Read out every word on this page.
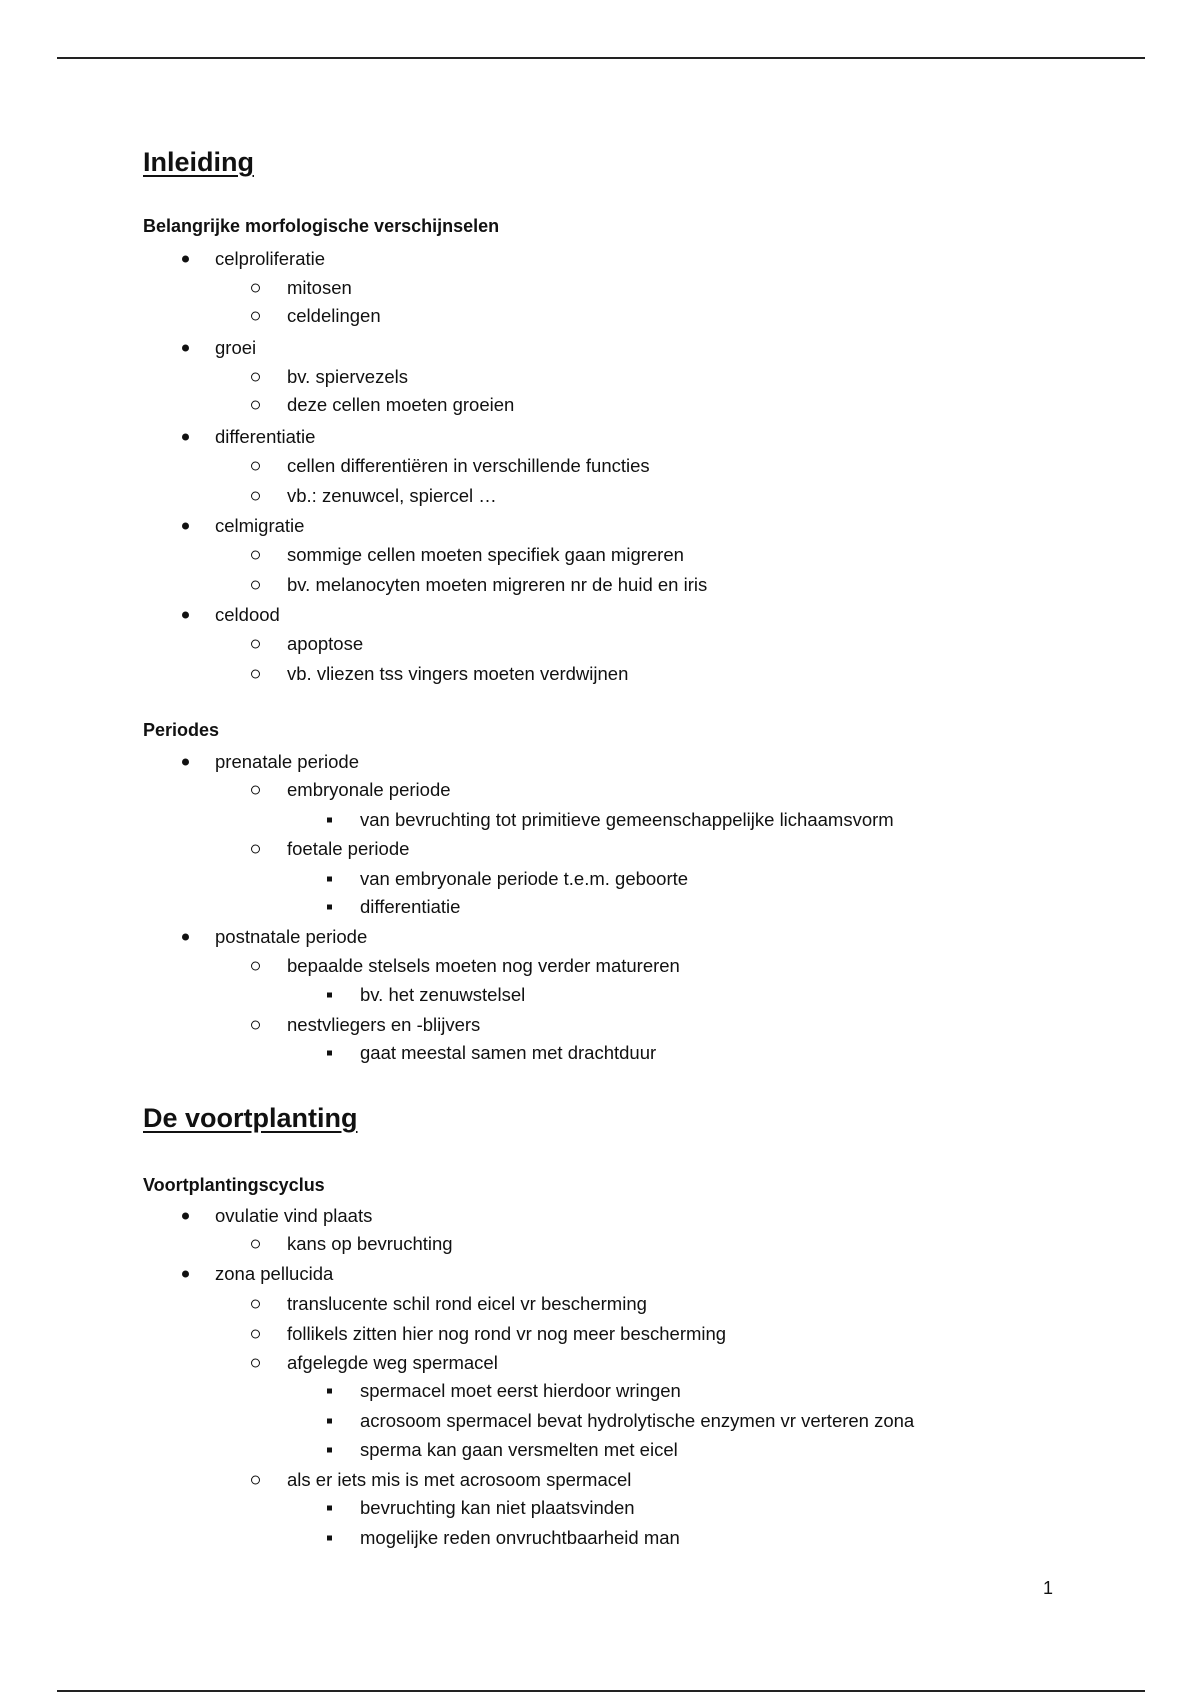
Inleiding
Belangrijke morfologische verschijnselen
celproliferatie
mitosen
celdelingen
groei
bv. spiervezels
deze cellen moeten groeien
differentiatie
cellen differentiëren in verschillende functies
vb.: zenuwcel, spiercel …
celmigratie
sommige cellen moeten specifiek gaan migreren
bv. melanocyten moeten migreren nr de huid en iris
celdood
apoptose
vb. vliezen tss vingers moeten verdwijnen
Periodes
prenatale periode
embryonale periode
van bevruchting tot primitieve gemeenschappelijke lichaamsvorm
foetale periode
van embryonale periode t.e.m. geboorte
differentiatie
postnatale periode
bepaalde stelsels moeten nog verder matureren
bv. het zenuwstelsel
nestvliegers en -blijvers
gaat meestal samen met drachtduur
De voortplanting
Voortplantingscyclus
ovulatie vind plaats
kans op bevruchting
zona pellucida
translucente schil rond eicel vr bescherming
follikels zitten hier nog rond vr nog meer bescherming
afgelegde weg spermacel
spermacel moet eerst hierdoor wringen
acrosoom spermacel bevat hydrolytische enzymen vr verteren zona
sperma kan gaan versmelten met eicel
als er iets mis is met acrosoom spermacel
bevruchting kan niet plaatsvinden
mogelijke reden onvruchtbaarheid man
1
